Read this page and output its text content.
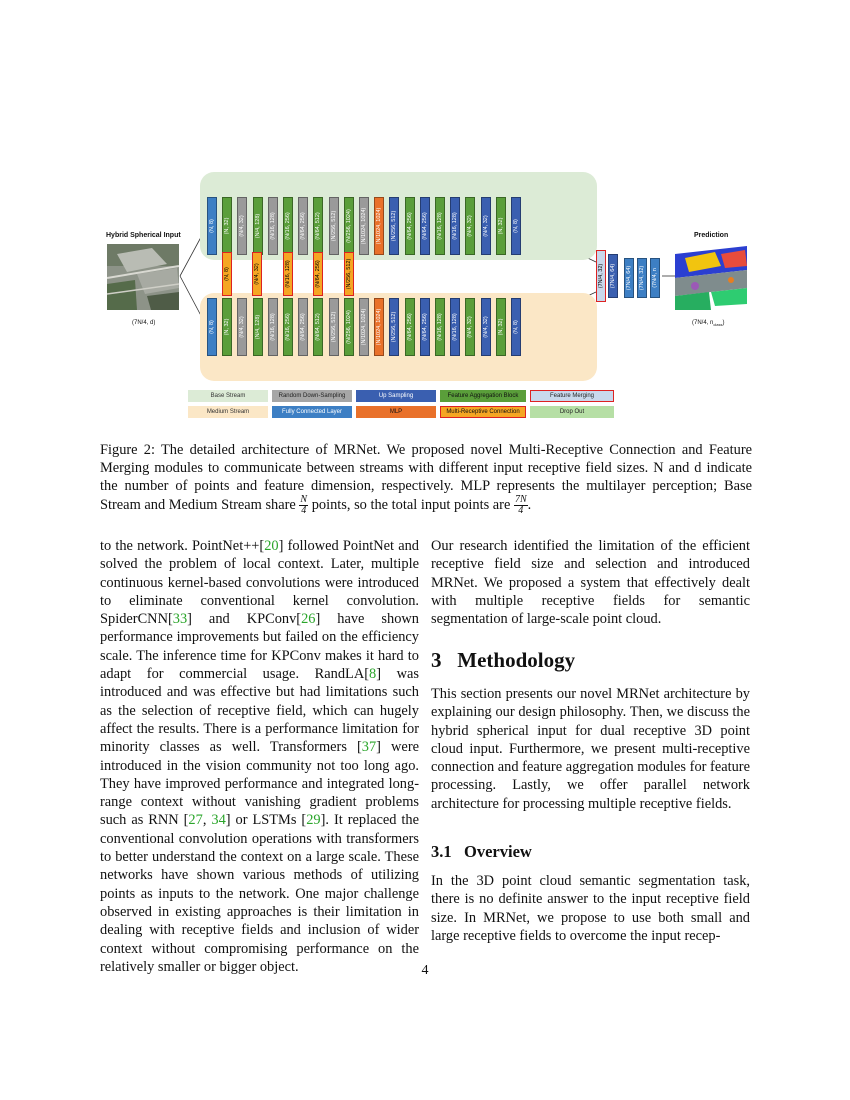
Hybrid Spherical Input
(7N/4, d)
Prediction
(7N/4, $n_{class}$)
(N, 8) (N, 32) (N/4, 32) (N/4, 128) (N/16, 128) (N/16, 256) (N/64, 256) (N/64, 512) (N/256, 512) (N/256, 1024) (N/1024, 1024) (N/1024, 1024) (N/256, 512) (N/64, 256) (N/64, 256) (N/16, 128) (N/16, 128) (N/4, 32) (N/4, 32) (N, 32) (N, 8)
(N, 8) (N, 32) (N/4, 32) (N/4, 128) (N/16, 128) (N/16, 256) (N/64, 256) (N/64, 512) (N/256, 512) (N/256, 1024) (N/1024, 1024) (N/1024, 1024) (N/256, 512) (N/64, 256) (N/64, 256) (N/16, 128) (N/16, 128) (N/4, 32) (N/4, 32) (N, 32) (N, 8)
(N, 8)	(N/4, 32)	(N/16, 128)	(N/64, 256)	(N/256, 512)	(7N/4, 32) (7N/4, 64) (7N/4, 64) (7N/4, 32) (7N/4, n
Base Stream	Random Down-Sampling	Up Sampling	Feature Aggregation Block	Feature Merging
Medium Stream	Fully Connected Layer	MLP	Multi-Receptive Connection	Drop Out
Figure 2: The detailed architecture of MRNet. We proposed novel Multi-Receptive Connection and Feature Merging modules to communicate between streams with different input receptive field sizes. N and d indicate the number of points and feature dimension, respectively. MLP represents the multilayer perception; Base Stream and Medium Stream share $\frac{N}{4}$ points, so the total input points are $\frac{7N}{4}$ .

to the network. PointNet++[20] followed PointNet and solved the problem of local context. Later, multiple continuous kernel-based convolutions were introduced to eliminate conventional kernel convolution. SpiderCNN[33] and KPConv[26] have shown performance improvements but failed on the efficiency scale. The inference time for KPConv makes it hard to adapt for commercial usage. RandLA[8] was introduced and was effective but had limitations such as the selection of receptive field, which can hugely affect the results. There is a performance limitation for minority classes as well. Transformers [37] were introduced in the vision community not too long ago. They have improved performance and integrated long-range context without vanishing gradient problems such as RNN [27, 34] or LSTMs [29]. It replaced the conventional convolution operations with transformers to better understand the context on a large scale. These networks have shown various methods of utilizing points as inputs to the network. One major challenge observed in existing approaches is their limitation in dealing with receptive fields and inclusion of wider context without compromising performance on the relatively smaller or bigger object.

Our research identified the limitation of the efficient receptive field size and selection and introduced MRNet. We proposed a system that effectively dealt with multiple receptive fields for semantic segmentation of large-scale point cloud.

3 Methodology

This section presents our novel MRNet architecture by explaining our design philosophy. Then, we discuss the hybrid spherical input for dual receptive 3D point cloud input. Furthermore, we present multi-receptive connection and feature aggregation modules for feature processing. Lastly, we offer parallel network architecture for processing multiple receptive fields.

3.1 Overview

In the 3D point cloud semantic segmentation task, there is no definite answer to the input receptive field size. In MRNet, we propose to use both small and large receptive fields to overcome the input recep-

4
